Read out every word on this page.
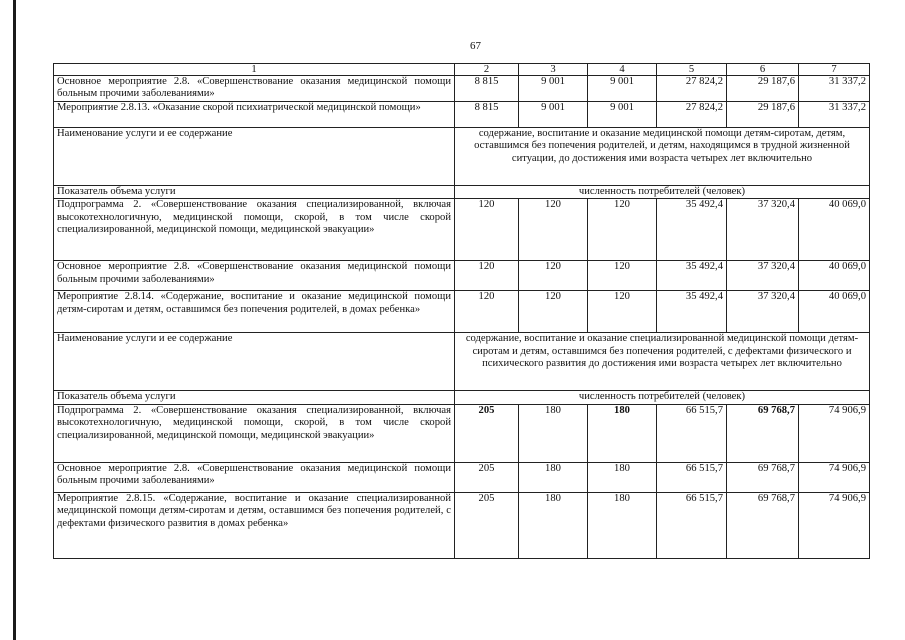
67
1	2	3	4	5	6	7
Основное мероприятие 2.8. «Совершенствование оказания медицинской помощи больным прочими заболеваниями»	8 815	9 001	9 001	27 824,2	29 187,6	31 337,2
Мероприятие 2.8.13. «Оказание скорой психиатрической медицинской помощи»	8 815	9 001	9 001	27 824,2	29 187,6	31 337,2
Наименование услуги и ее содержание	содержание, воспитание и оказание медицинской помощи детям-сиротам, детям, оставшимся без попечения родителей, и детям, находящимся в трудной жизненной ситуации, до достижения ими возраста четырех лет включительно					
Показатель объема услуги	численность потребителей (человек)					
Подпрограмма 2. «Совершенствование оказания специализированной, включая высокотехнологичную, медицинской помощи, скорой, в том числе скорой специализированной, медицинской помощи, медицинской эвакуации»	120	120	120	35 492,4	37 320,4	40 069,0
Основное мероприятие 2.8. «Совершенствование оказания медицинской помощи больным прочими заболеваниями»	120	120	120	35 492,4	37 320,4	40 069,0
Мероприятие 2.8.14. «Содержание, воспитание и оказание медицинской помощи детям-сиротам и детям, оставшимся без попечения родителей, в домах ребенка»	120	120	120	35 492,4	37 320,4	40 069,0
Наименование услуги и ее содержание	содержание, воспитание и оказание специализированной медицинской помощи детям-сиротам и детям, оставшимся без попечения родителей, с дефектами физического и психического развития до достижения ими возраста четырех лет включительно					
Показатель объема услуги	численность потребителей (человек)					
Подпрограмма 2. «Совершенствование оказания специализированной, включая высокотехнологичную, медицинской помощи, скорой, в том числе скорой специализированной, медицинской помощи, медицинской эвакуации»	205	180	180	66 515,7	69 768,7	74 906,9
Основное мероприятие 2.8. «Совершенствование оказания медицинской помощи больным прочими заболеваниями»	205	180	180	66 515,7	69 768,7	74 906,9
Мероприятие 2.8.15. «Содержание, воспитание и оказание специализированной медицинской помощи детям-сиротам и детям, оставшимся без попечения родителей, с дефектами физического развития в домах ребенка»	205	180	180	66 515,7	69 768,7	74 906,9
